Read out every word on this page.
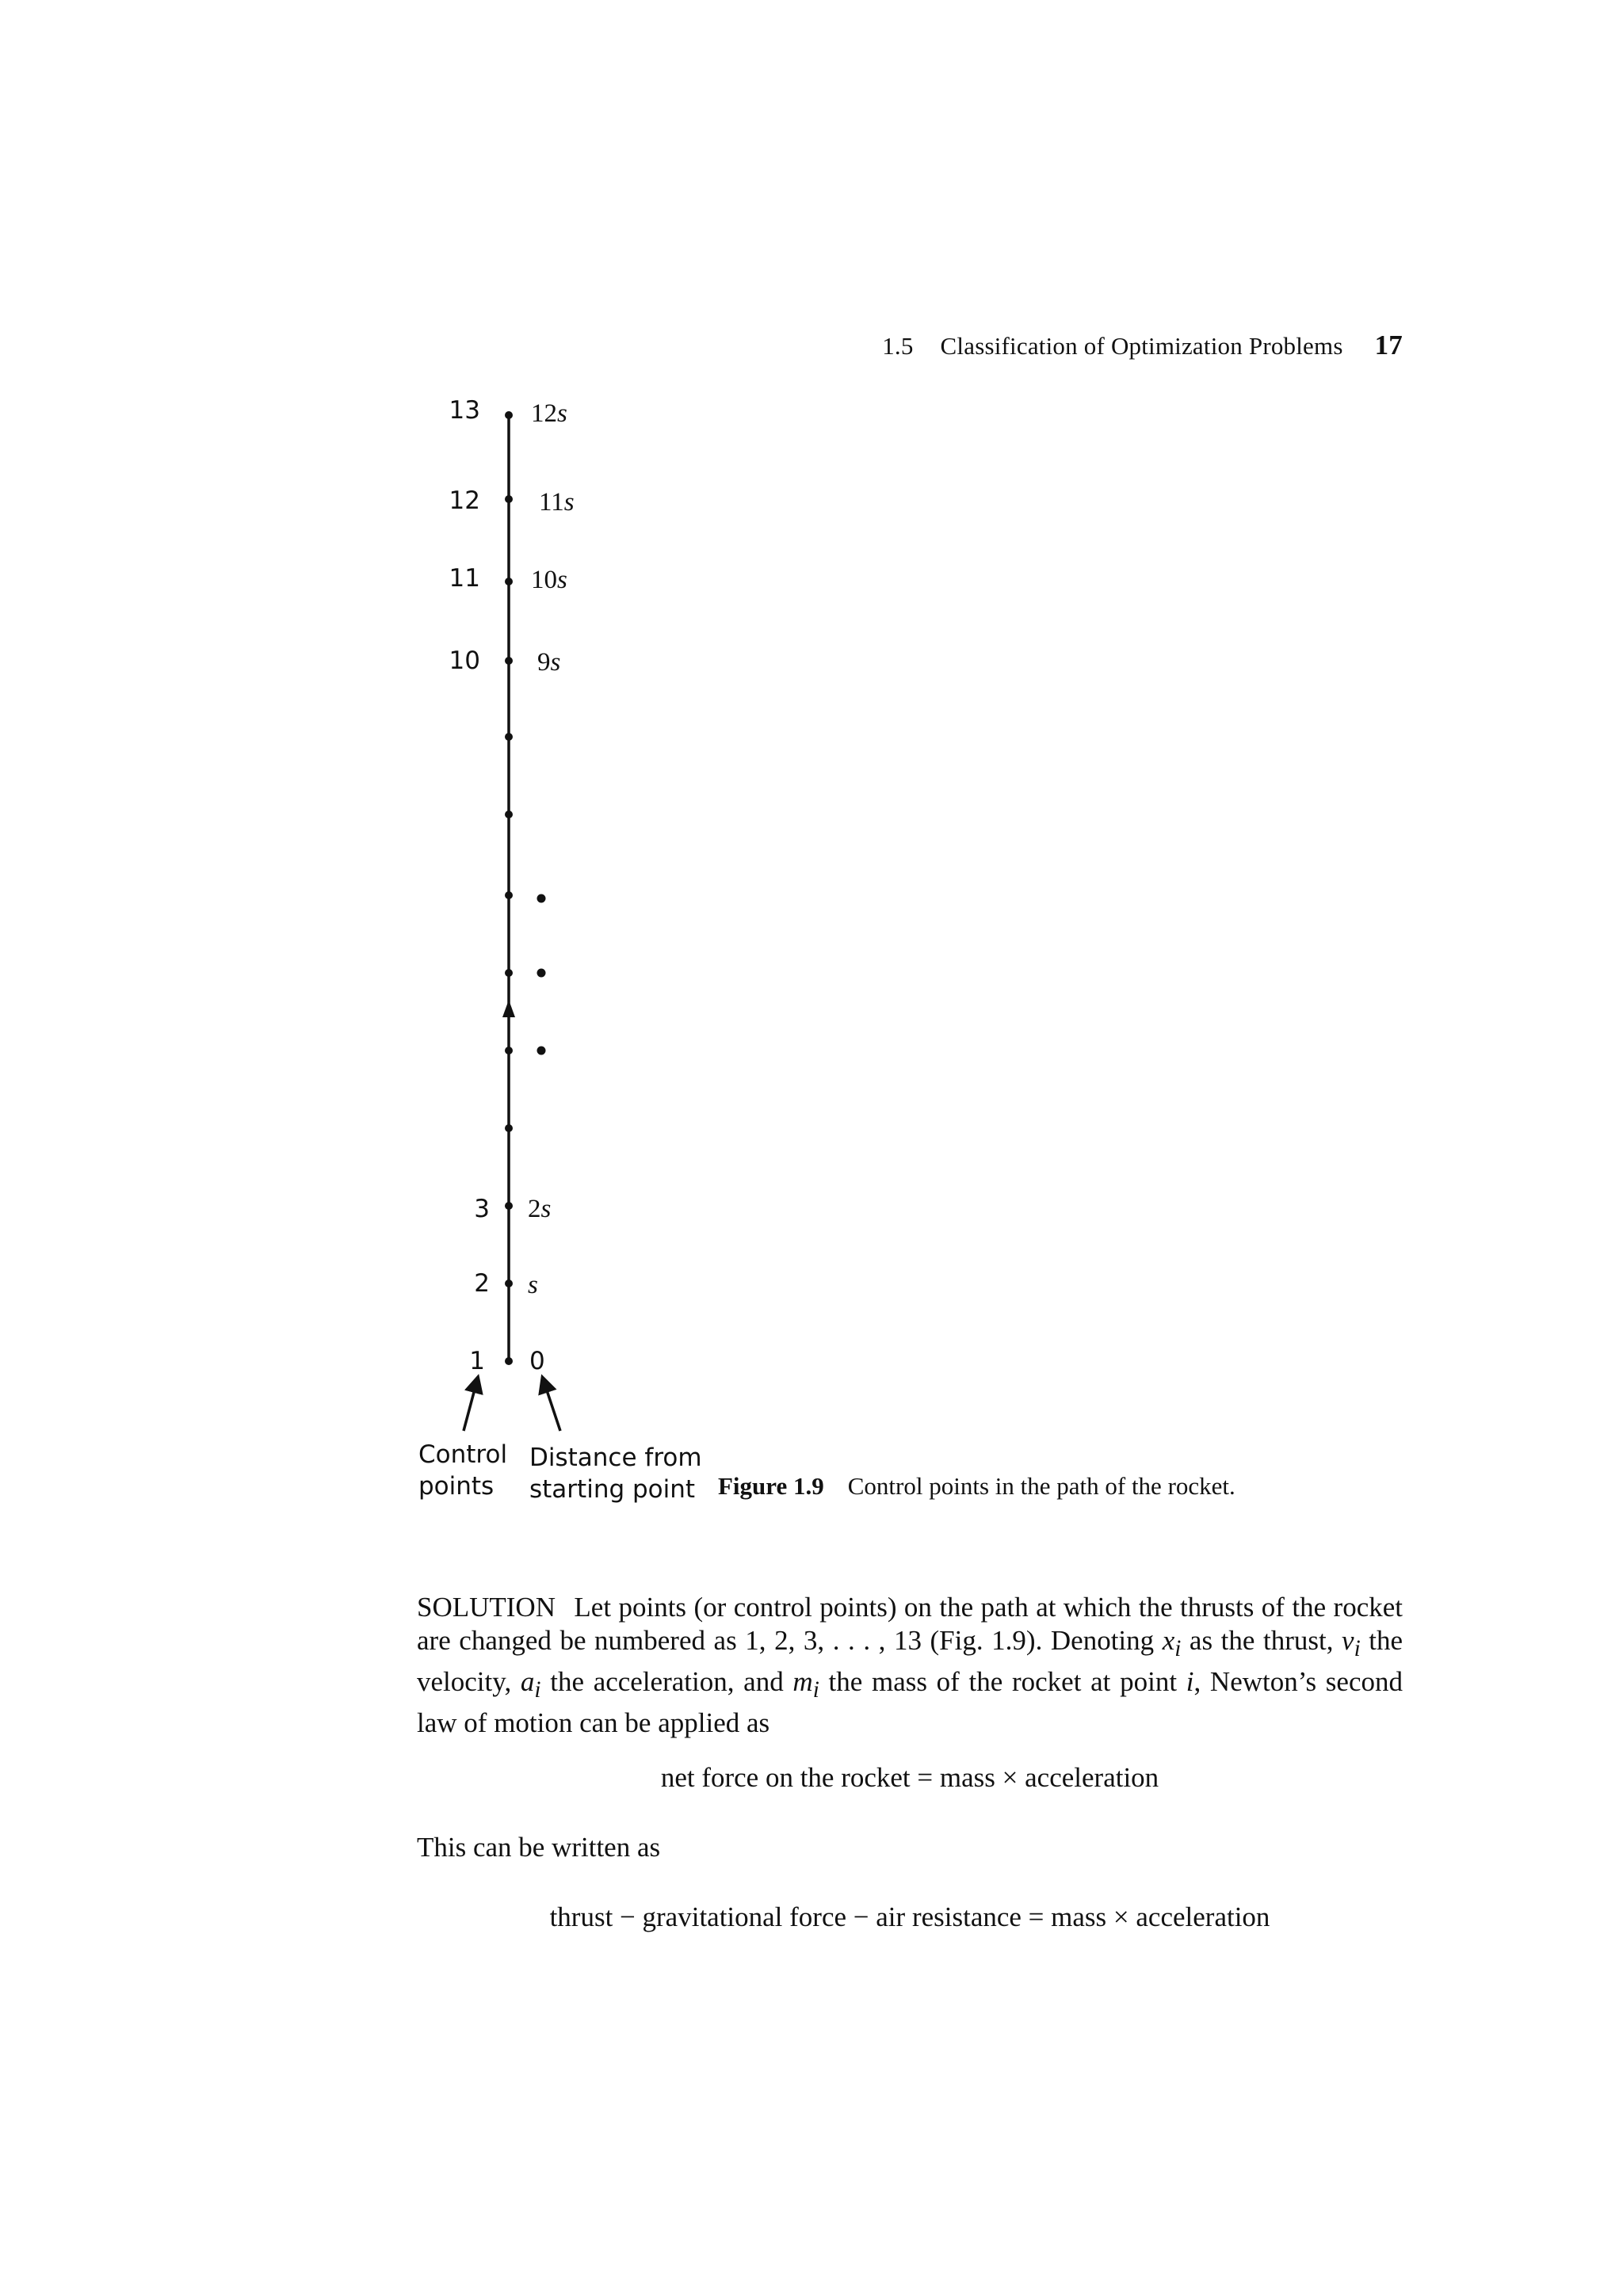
1.5 Classification of Optimization Problems 17
13
12
11
10
3
2
1
12s
11s
10s
9s
2s
s
0
Control
points
Distance from
starting point Figure 1.9 Control points in the path of the rocket.
SOLUTION Let points (or control points) on the path at which the thrusts of the rocket are changed be numbered as 1, 2, 3, . . . , 13 (Fig. 1.9). Denoting $x_i$ as the thrust, $v_i$ the velocity, $a_i$ the acceleration, and $m_i$ the mass of the rocket at point i, Newton’s second law of motion can be applied as
net force on the rocket = mass × acceleration
This can be written as
thrust − gravitational force − air resistance = mass × acceleration
